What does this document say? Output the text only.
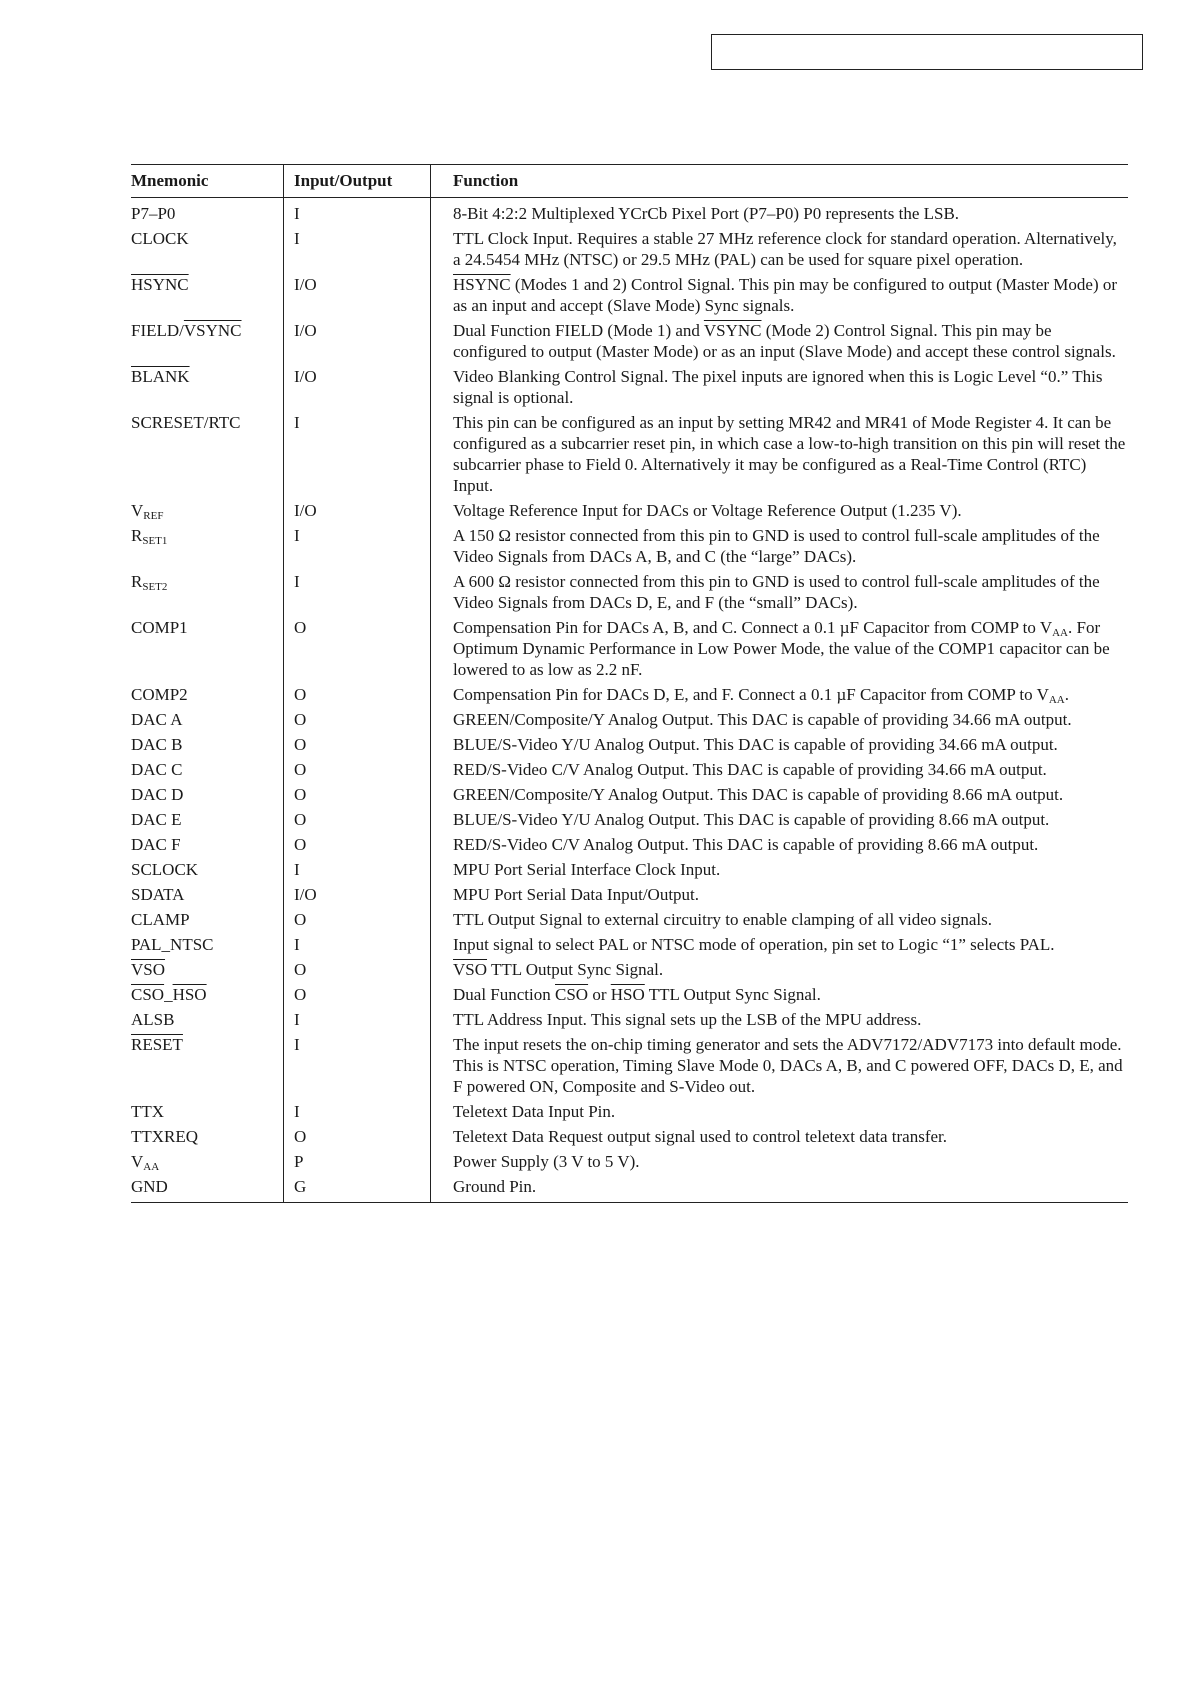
Mnemonic	Input/Output	Function
P7–P0	I	8-Bit 4:2:2 Multiplexed YCrCb Pixel Port (P7–P0) P0 represents the LSB.
CLOCK	I	TTL Clock Input. Requires a stable 27 MHz reference clock for standard operation. Alternatively, a 24.5454 MHz (NTSC) or 29.5 MHz (PAL) can be used for square pixel operation.
HSYNC	I/O	HSYNC (Modes 1 and 2) Control Signal. This pin may be configured to output (Master Mode) or as an input and accept (Slave Mode) Sync signals.
FIELD/VSYNC	I/O	Dual Function FIELD (Mode 1) and VSYNC (Mode 2) Control Signal. This pin may be configured to output (Master Mode) or as an input (Slave Mode) and accept these control signals.
BLANK	I/O	Video Blanking Control Signal. The pixel inputs are ignored when this is Logic Level “0.” This signal is optional.
SCRESET/RTC	I	This pin can be configured as an input by setting MR42 and MR41 of Mode Register 4. It can be configured as a subcarrier reset pin, in which case a low-to-high transition on this pin will reset the subcarrier phase to Field 0. Alternatively it may be configured as a Real-Time Control (RTC) Input.
$V_{REF}$	I/O	Voltage Reference Input for DACs or Voltage Reference Output (1.235 V).
$R_{SET1}$	I	A 150 Ω resistor connected from this pin to GND is used to control full-scale amplitudes of the Video Signals from DACs A, B, and C (the “large” DACs).
$R_{SET2}$	I	A 600 Ω resistor connected from this pin to GND is used to control full-scale amplitudes of the Video Signals from DACs D, E, and F (the “small” DACs).
COMP1	O	Compensation Pin for DACs A, B, and C. Connect a 0.1 µF Capacitor from COMP to $V_{AA}$. For Optimum Dynamic Performance in Low Power Mode, the value of the COMP1 capacitor can be lowered to as low as 2.2 nF.
COMP2	O	Compensation Pin for DACs D, E, and F. Connect a 0.1 µF Capacitor from COMP to $V_{AA}$.
DAC A	O	GREEN/Composite/Y Analog Output. This DAC is capable of providing 34.66 mA output.
DAC B	O	BLUE/S-Video Y/U Analog Output. This DAC is capable of providing 34.66 mA output.
DAC C	O	RED/S-Video C/V Analog Output. This DAC is capable of providing 34.66 mA output.
DAC D	O	GREEN/Composite/Y Analog Output. This DAC is capable of providing 8.66 mA output.
DAC E	O	BLUE/S-Video Y/U Analog Output. This DAC is capable of providing 8.66 mA output.
DAC F	O	RED/S-Video C/V Analog Output. This DAC is capable of providing 8.66 mA output.
SCLOCK	I	MPU Port Serial Interface Clock Input.
SDATA	I/O	MPU Port Serial Data Input/Output.
CLAMP	O	TTL Output Signal to external circuitry to enable clamping of all video signals.
PAL_NTSC	I	Input signal to select PAL or NTSC mode of operation, pin set to Logic “1” selects PAL.
$\overline{VSO}$	O	$\overline{VSO}$ TTL Output Sync Signal.
$\overline{CSO}\_\overline{HSO}$	O	Dual Function $\overline{CSO}$ or $\overline{HSO}$ TTL Output Sync Signal.
ALSB	I	TTL Address Input. This signal sets up the LSB of the MPU address.
RESET	I	The input resets the on-chip timing generator and sets the ADV7172/ADV7173 into default mode. This is NTSC operation, Timing Slave Mode 0, DACs A, B, and C powered OFF, DACs D, E, and F powered ON, Composite and S-Video out.
TTX	I	Teletext Data Input Pin.
TTXREQ	O	Teletext Data Request output signal used to control teletext data transfer.
$V_{AA}$	P	Power Supply (3 V to 5 V).
GND	G	Ground Pin.
